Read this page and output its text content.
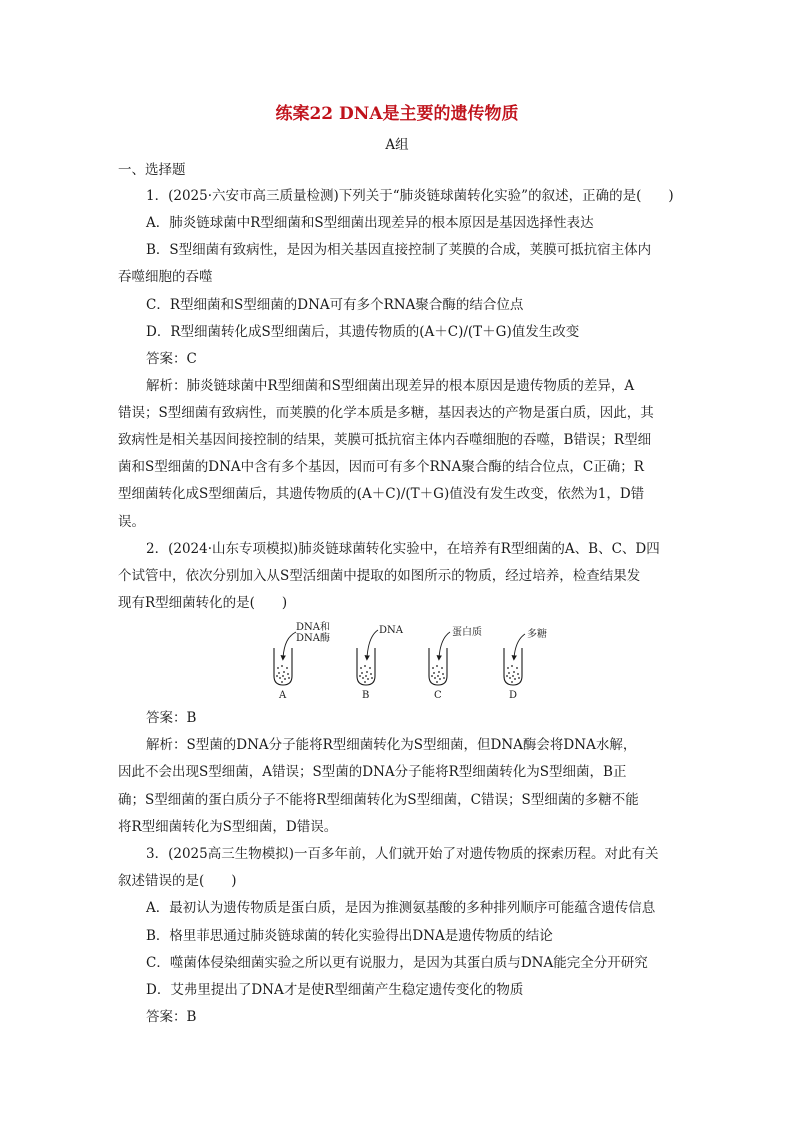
练案22 DNA是主要的遗传物质
A组
一、选择题
1．(2025·六安市高三质量检测)下列关于“肺炎链球菌转化实验”的叙述，正确的是(　　)
A．肺炎链球菌中R型细菌和S型细菌出现差异的根本原因是基因选择性表达
B．S型细菌有致病性，是因为相关基因直接控制了荚膜的合成，荚膜可抵抗宿主体内
吞噬细胞的吞噬
C．R型细菌和S型细菌的DNA可有多个RNA聚合酶的结合位点
D．R型细菌转化成S型细菌后，其遗传物质的(A＋C)/(T＋G)值发生改变
答案：C
解析：肺炎链球菌中R型细菌和S型细菌出现差异的根本原因是遗传物质的差异，A
错误；S型细菌有致病性，而荚膜的化学本质是多糖，基因表达的产物是蛋白质，因此，其
致病性是相关基因间接控制的结果，荚膜可抵抗宿主体内吞噬细胞的吞噬，B错误；R型细
菌和S型细菌的DNA中含有多个基因，因而可有多个RNA聚合酶的结合位点，C正确；R
型细菌转化成S型细菌后，其遗传物质的(A＋C)/(T＋G)值没有发生改变，依然为1，D错
误。
2．(2024·山东专项模拟)肺炎链球菌转化实验中，在培养有R型细菌的A、B、C、D四
个试管中，依次分别加入从S型活细菌中提取的如图所示的物质，经过培养，检查结果发
现有R型细菌转化的是(　　)
DNA和
DNA酶
A
DNA
B
蛋白质
C
多糖
D
答案：B
解析：S型菌的DNA分子能将R型细菌转化为S型细菌，但DNA酶会将DNA水解，
因此不会出现S型细菌，A错误；S型菌的DNA分子能将R型细菌转化为S型细菌，B正
确；S型细菌的蛋白质分子不能将R型细菌转化为S型细菌，C错误；S型细菌的多糖不能
将R型细菌转化为S型细菌，D错误。
3．(2025高三生物模拟)一百多年前，人们就开始了对遗传物质的探索历程。对此有关
叙述错误的是(　　)
A．最初认为遗传物质是蛋白质，是因为推测氨基酸的多种排列顺序可能蕴含遗传信息
B．格里菲思通过肺炎链球菌的转化实验得出DNA是遗传物质的结论
C．噬菌体侵染细菌实验之所以更有说服力，是因为其蛋白质与DNA能完全分开研究
D．艾弗里提出了DNA才是使R型细菌产生稳定遗传变化的物质
答案：B
